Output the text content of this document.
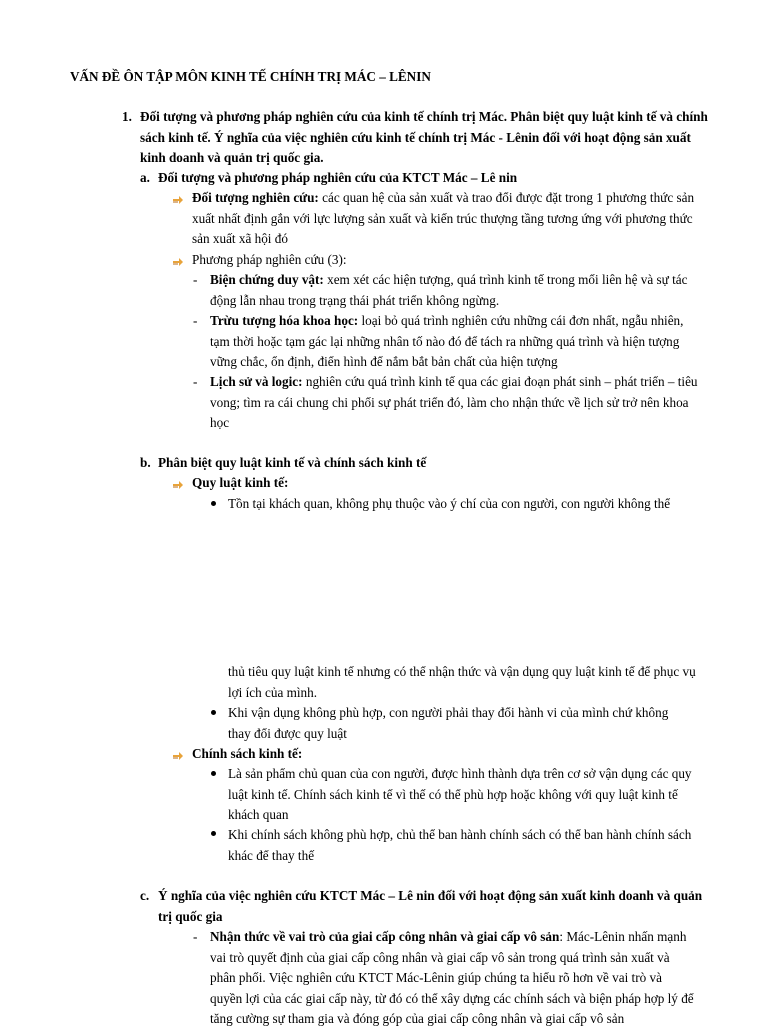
VẤN ĐỀ ÔN TẬP MÔN KINH TẾ CHÍNH TRỊ MÁC – LÊNIN
1. Đối tượng và phương pháp nghiên cứu của kinh tế chính trị Mác. Phân biệt quy luật kinh tế và chính sách kinh tế. Ý nghĩa của việc nghiên cứu kinh tế chính trị Mác - Lênin đối với hoạt động sản xuất kinh doanh và quản trị quốc gia.
a. Đối tượng và phương pháp nghiên cứu của KTCT Mác – Lê nin
Đối tượng nghiên cứu: các quan hệ của sản xuất và trao đổi được đặt trong 1 phương thức sản xuất nhất định gắn với lực lượng sản xuất và kiến trúc thượng tầng tương ứng với phương thức sản xuất xã hội đó
Phương pháp nghiên cứu (3):
- Biện chứng duy vật: xem xét các hiện tượng, quá trình kinh tế trong mối liên hệ và sự tác động lẫn nhau trong trạng thái phát triển không ngừng.
- Trừu tượng hóa khoa học: loại bỏ quá trình nghiên cứu những cái đơn nhất, ngẫu nhiên, tạm thời hoặc tạm gác lại những nhân tố nào đó để tách ra những quá trình và hiện tượng vững chắc, ổn định, điển hình để nắm bắt bản chất của hiện tượng
- Lịch sử và logic: nghiên cứu quá trình kinh tế qua các giai đoạn phát sinh – phát triển – tiêu vong; tìm ra cái chung chi phối sự phát triển đó, làm cho nhận thức về lịch sử trở nên khoa học
b. Phân biệt quy luật kinh tế và chính sách kinh tế
Quy luật kinh tế:
Tồn tại khách quan, không phụ thuộc vào ý chí của con người, con người không thể
thủ tiêu quy luật kinh tế nhưng có thể nhận thức và vận dụng quy luật kinh tế để phục vụ lợi ích của mình.
Khi vận dụng không phù hợp, con người phải thay đổi hành vi của mình chứ không thay đổi được quy luật
Chính sách kinh tế:
Là sản phẩm chủ quan của con người, được hình thành dựa trên cơ sở vận dụng các quy luật kinh tế. Chính sách kinh tế vì thế có thể phù hợp hoặc không với quy luật kinh tế khách quan
Khi chính sách không phù hợp, chủ thể ban hành chính sách có thể ban hành chính sách khác để thay thế
c. Ý nghĩa của việc nghiên cứu KTCT Mác – Lê nin đối với hoạt động sản xuất kinh doanh và quản trị quốc gia
- Nhận thức về vai trò của giai cấp công nhân và giai cấp vô sản: Mác-Lênin nhấn mạnh vai trò quyết định của giai cấp công nhân và giai cấp vô sản trong quá trình sản xuất và phân phối. Việc nghiên cứu KTCT Mác-Lênin giúp chúng ta hiểu rõ hơn về vai trò và quyền lợi của các giai cấp này, từ đó có thể xây dựng các chính sách và biện pháp hợp lý để tăng cường sự tham gia và đóng góp của giai cấp công nhân và giai cấp vô sản
